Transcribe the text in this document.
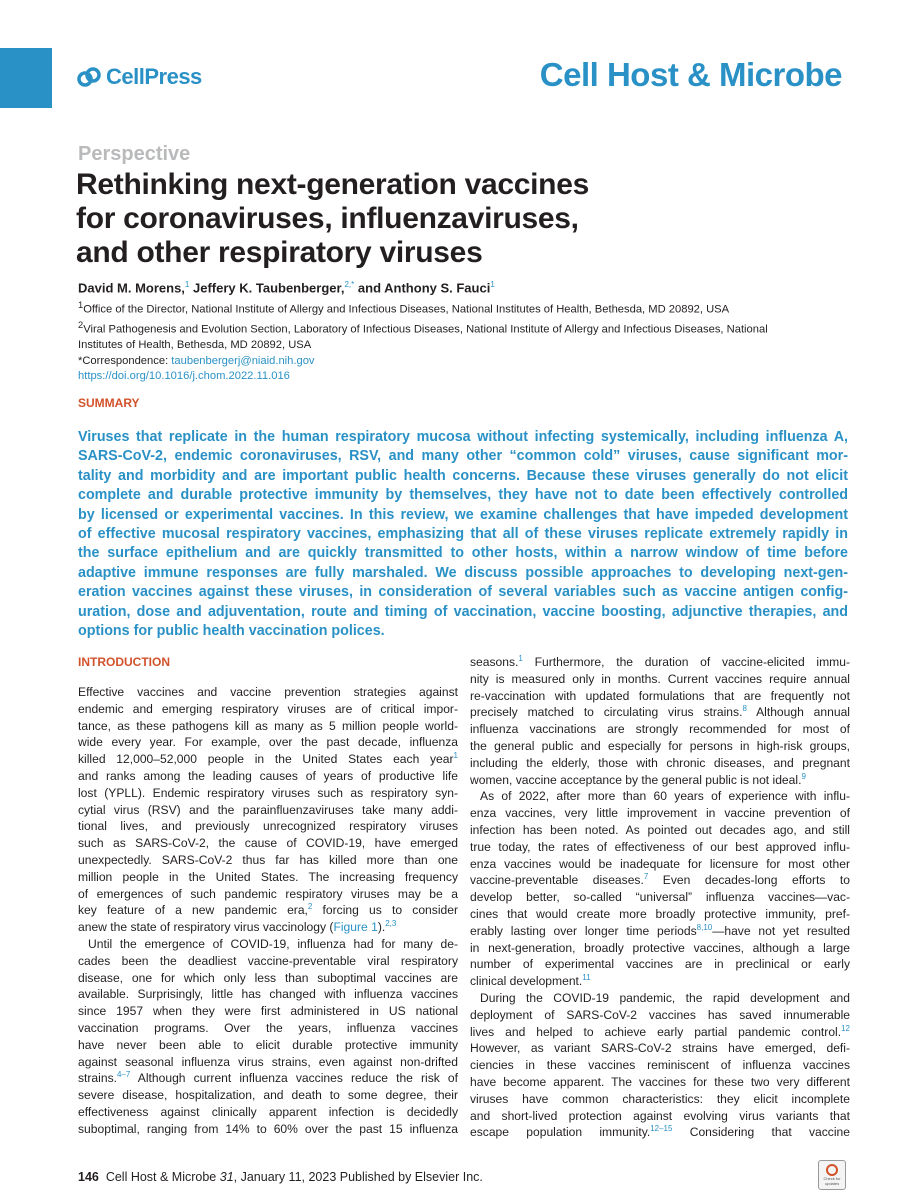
CellPress	Cell Host & Microbe
Perspective
Rethinking next-generation vaccines
for coronaviruses, influenzaviruses,
and other respiratory viruses
David M. Morens,$^1$ Jeffery K. Taubenberger,$^{2,*}$ and Anthony S. Fauci$^1$
$^1$Office of the Director, National Institute of Allergy and Infectious Diseases, National Institutes of Health, Bethesda, MD 20892, USA
$^2$Viral Pathogenesis and Evolution Section, Laboratory of Infectious Diseases, National Institute of Allergy and Infectious Diseases, National
Institutes of Health, Bethesda, MD 20892, USA
*Correspondence: taubenbergerj@niaid.nih.gov
https://doi.org/10.1016/j.chom.2022.11.016
SUMMARY
Viruses that replicate in the human respiratory mucosa without infecting systemically, including influenza A,
SARS-CoV-2, endemic coronaviruses, RSV, and many other “common cold” viruses, cause significant mor-
tality and morbidity and are important public health concerns. Because these viruses generally do not elicit
complete and durable protective immunity by themselves, they have not to date been effectively controlled
by licensed or experimental vaccines. In this review, we examine challenges that have impeded development
of effective mucosal respiratory vaccines, emphasizing that all of these viruses replicate extremely rapidly in
the surface epithelium and are quickly transmitted to other hosts, within a narrow window of time before
adaptive immune responses are fully marshaled. We discuss possible approaches to developing next-gen-
eration vaccines against these viruses, in consideration of several variables such as vaccine antigen config-
uration, dose and adjuventation, route and timing of vaccination, vaccine boosting, adjunctive therapies, and
options for public health vaccination polices.
INTRODUCTION
Effective vaccines and vaccine prevention strategies against
endemic and emerging respiratory viruses are of critical impor-
tance, as these pathogens kill as many as 5 million people world-
wide every year. For example, over the past decade, influenza
killed 12,000–52,000 people in the United States each year$^1$
and ranks among the leading causes of years of productive life
lost (YPLL). Endemic respiratory viruses such as respiratory syn-
cytial virus (RSV) and the parainfluenzaviruses take many addi-
tional lives, and previously unrecognized respiratory viruses
such as SARS-CoV-2, the cause of COVID-19, have emerged
unexpectedly. SARS-CoV-2 thus far has killed more than one
million people in the United States. The increasing frequency
of emergences of such pandemic respiratory viruses may be a
key feature of a new pandemic era,$^2$ forcing us to consider
anew the state of respiratory virus vaccinology (Figure 1).$^{2,3}$
Until the emergence of COVID-19, influenza had for many de-
cades been the deadliest vaccine-preventable viral respiratory
disease, one for which only less than suboptimal vaccines are
available. Surprisingly, little has changed with influenza vaccines
since 1957 when they were first administered in US national
vaccination programs. Over the years, influenza vaccines
have never been able to elicit durable protective immunity
against seasonal influenza virus strains, even against non-drifted
strains.$^{4-7}$ Although current influenza vaccines reduce the risk of
severe disease, hospitalization, and death to some degree, their
effectiveness against clinically apparent infection is decidedly
suboptimal, ranging from 14% to 60% over the past 15 influenza
seasons.$^1$ Furthermore, the duration of vaccine-elicited immu-
nity is measured only in months. Current vaccines require annual
re-vaccination with updated formulations that are frequently not
precisely matched to circulating virus strains.$^8$ Although annual
influenza vaccinations are strongly recommended for most of
the general public and especially for persons in high-risk groups,
including the elderly, those with chronic diseases, and pregnant
women, vaccine acceptance by the general public is not ideal.$^9$
As of 2022, after more than 60 years of experience with influ-
enza vaccines, very little improvement in vaccine prevention of
infection has been noted. As pointed out decades ago, and still
true today, the rates of effectiveness of our best approved influ-
enza vaccines would be inadequate for licensure for most other
vaccine-preventable diseases.$^7$ Even decades-long efforts to
develop better, so-called “universal” influenza vaccines—vac-
cines that would create more broadly protective immunity, pref-
erably lasting over longer time periods$^{8,10}$—have not yet resulted
in next-generation, broadly protective vaccines, although a large
number of experimental vaccines are in preclinical or early
clinical development.$^{11}$
During the COVID-19 pandemic, the rapid development and
deployment of SARS-CoV-2 vaccines has saved innumerable
lives and helped to achieve early partial pandemic control.$^{12}$
However, as variant SARS-CoV-2 strains have emerged, defi-
ciencies in these vaccines reminiscent of influenza vaccines
have become apparent. The vaccines for these two very different
viruses have common characteristics: they elicit incomplete
and short-lived protection against evolving virus variants that
escape population immunity.$^{12-15}$ Considering that vaccine
146 Cell Host & Microbe 31, January 11, 2023 Published by Elsevier Inc.	Check for updates
